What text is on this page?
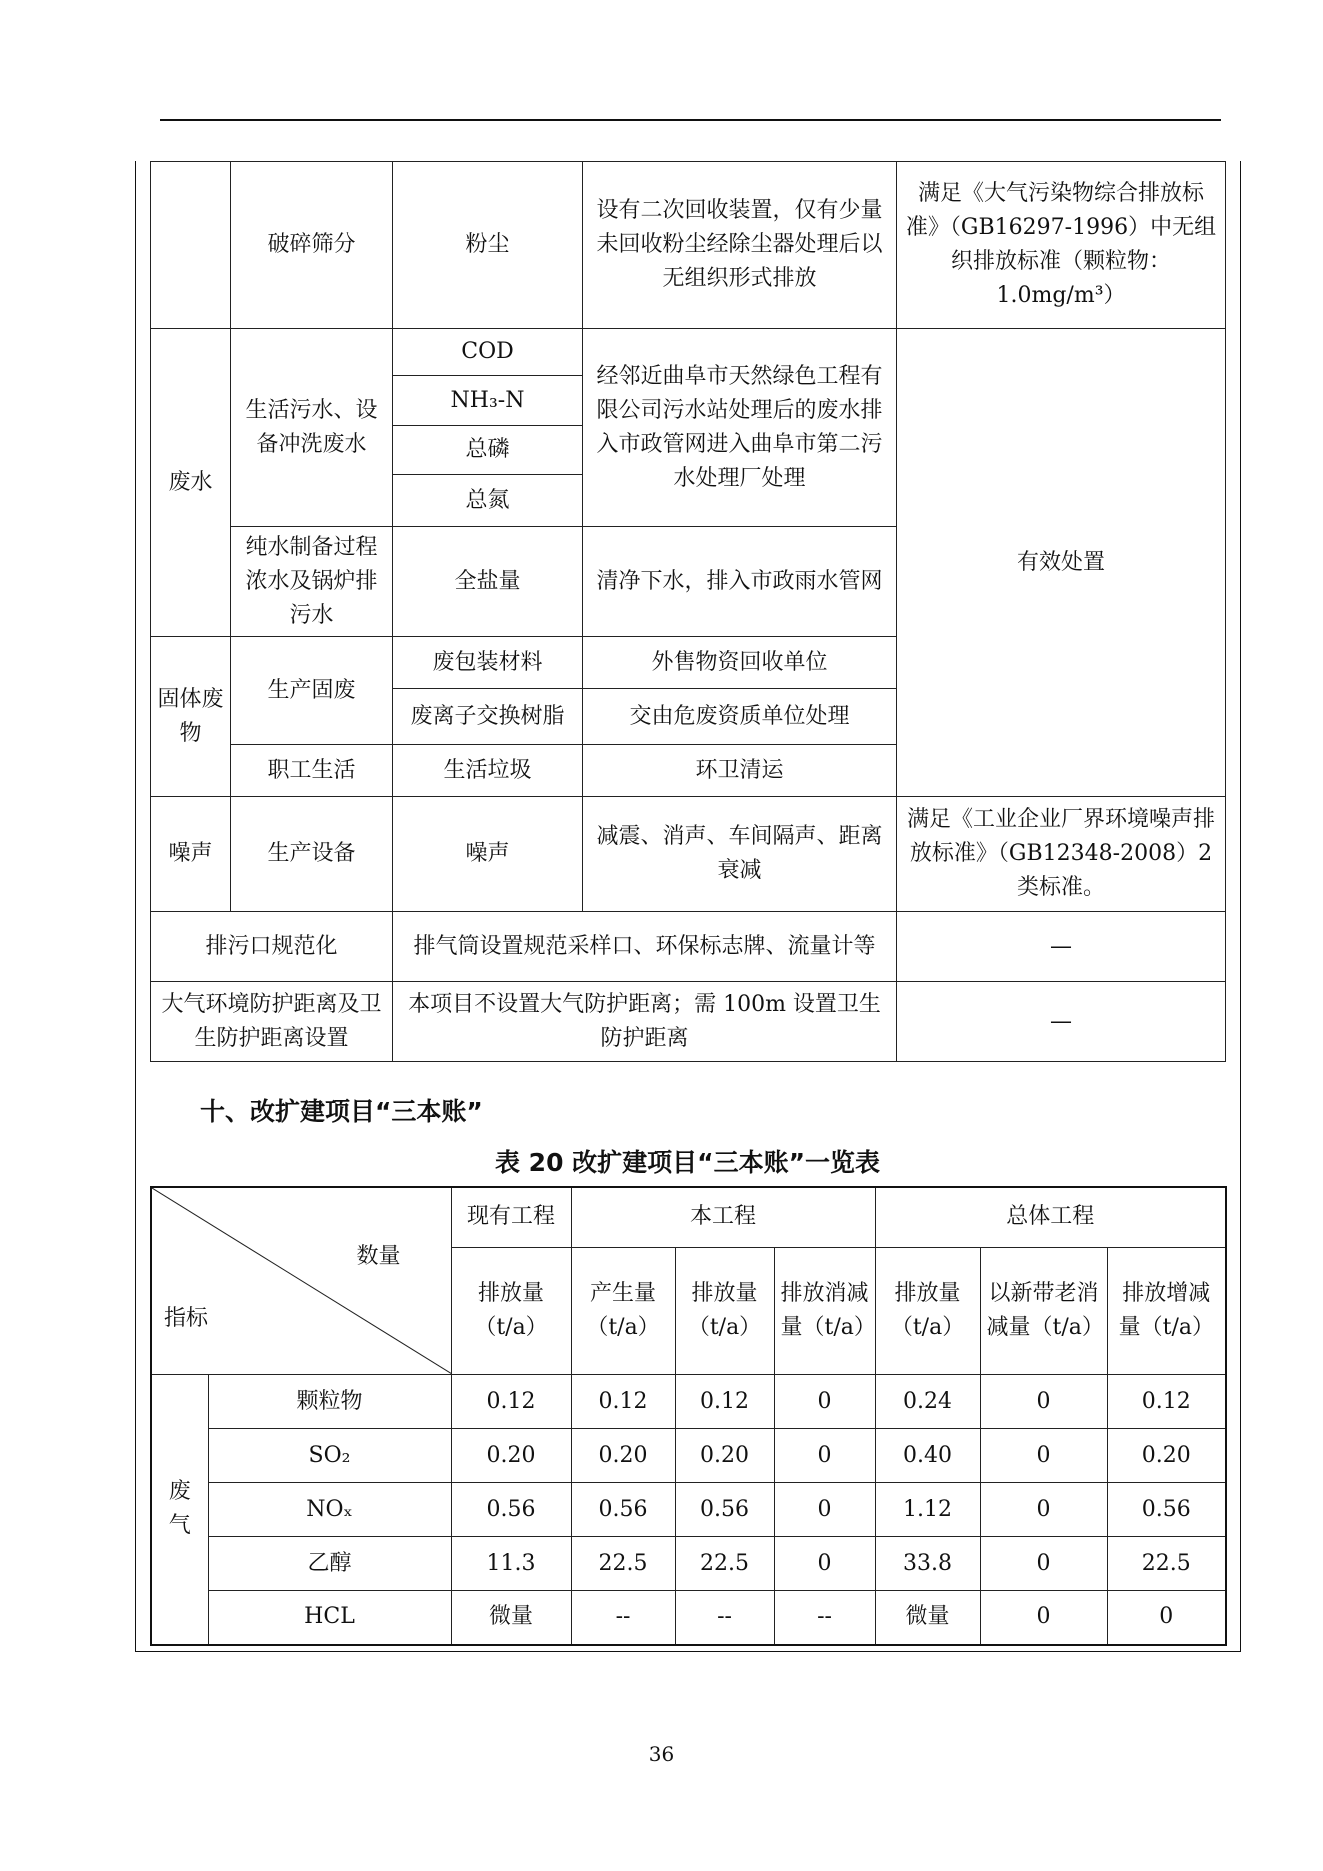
	破碎筛分	粉尘	设有二次回收装置，仅有少量未回收粉尘经除尘器处理后以无组织形式排放	满足《大气污染物综合排放标准》（GB16297-1996）中无组织排放标准（颗粒物：1.0mg/m³）
废水	生活污水、设备冲洗废水	COD	经邻近曲阜市天然绿色工程有限公司污水站处理后的废水排入市政管网进入曲阜市第二污水处理厂处理	有效处置
		NH₃-N		
		总磷		
		总氮		
	纯水制备过程浓水及锅炉排污水	全盐量	清净下水，排入市政雨水管网	
固体废物	生产固废	废包装材料	外售物资回收单位	
		废离子交换树脂	交由危废资质单位处理	
	职工生活	生活垃圾	环卫清运	
噪声	生产设备	噪声	减震、消声、车间隔声、距离衰减	满足《工业企业厂界环境噪声排放标准》（GB12348-2008）2 类标准。
排污口规范化		排气筒设置规范采样口、环保标志牌、流量计等		—
大气环境防护距离及卫生防护距离设置		本项目不设置大气防护距离；需 100m 设置卫生防护距离		—
十、改扩建项目“三本账”
表 20 改扩建项目“三本账”一览表
数量
指标		现有工程	本工程			总体工程		
		排放量（t/a）	产生量（t/a）	排放量（t/a）	排放消减量（t/a）	排放量（t/a）	以新带老消减量（t/a）	排放增减量（t/a）
废气	颗粒物	0.12	0.12	0.12	0	0.24	0	0.12
	SO₂	0.20	0.20	0.20	0	0.40	0	0.20
	NOₓ	0.56	0.56	0.56	0	1.12	0	0.56
	乙醇	11.3	22.5	22.5	0	33.8	0	22.5
	HCL	微量	--	--	--	微量	0	0
36
